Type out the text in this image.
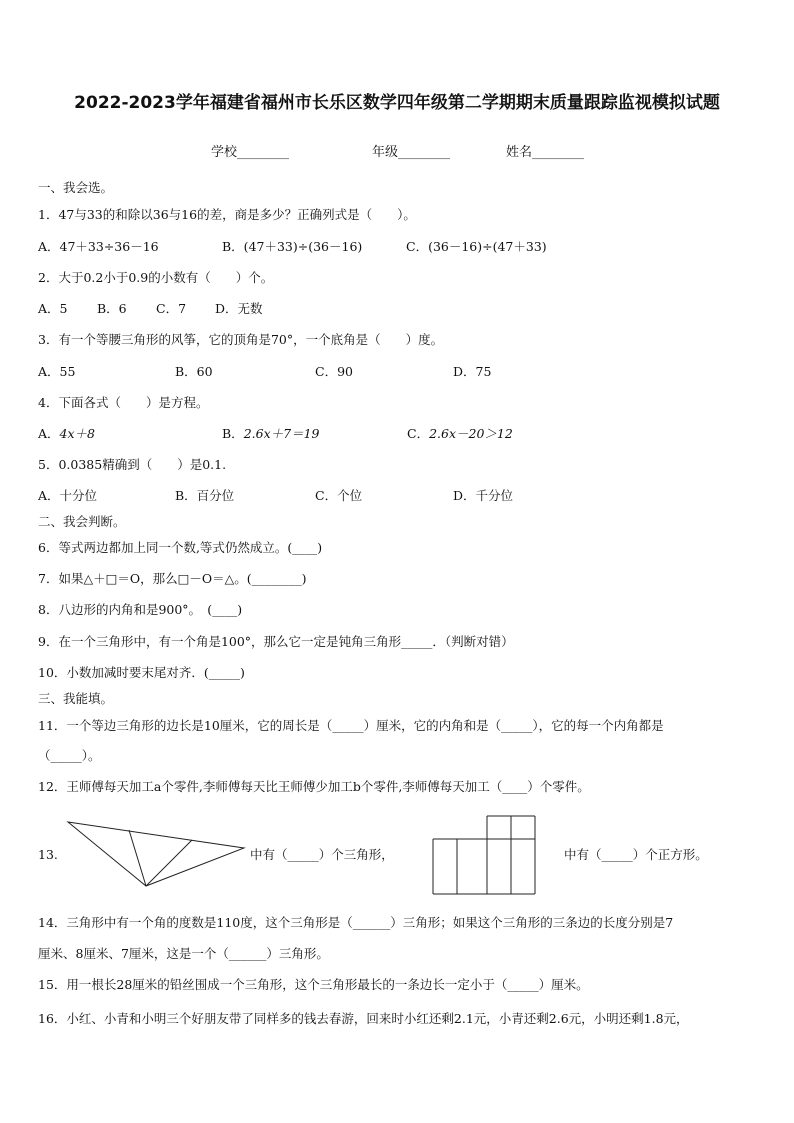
2022-2023学年福建省福州市长乐区数学四年级第二学期期末质量跟踪监视模拟试题
学校________	年级________	姓名________
一、我会选。
1．47与33的和除以36与16的差，商是多少？正确列式是（　　）。
A．47＋33÷36－16	B．(47＋33)÷(36－16)	C．(36－16)÷(47＋33)
2．大于0.2小于0.9的小数有（　　）个。
A．5 B．6 C．7 D．无数
3．有一个等腰三角形的风筝，它的顶角是70°，一个底角是（　　）度。
A．55	B．60	C．90	D．75
4．下面各式（　　）是方程。
A．4x＋8	B．2.6x＋7＝19	C．2.6x－20＞12
5．0.0385精确到（　　）是0.1.
A．十分位	B．百分位	C．个位	D．千分位
二、我会判断。
6．等式两边都加上同一个数,等式仍然成立。(____)
7．如果△＋□＝O，那么□－O＝△。(________)
8．八边形的内角和是900°。　(____)
9．在一个三角形中，有一个角是100°，那么它一定是钝角三角形_____．（判断对错）
10．小数加减时要末尾对齐．(_____)
三、我能填。
11．一个等边三角形的边长是10厘米，它的周长是（_____）厘米，它的内角和是（_____），它的每一个内角都是
（_____）。
12．王师傅每天加工a个零件,李师傅每天比王师傅少加工b个零件,李师傅每天加工（____）个零件。
13.	中有（_____）个三角形，	中有（_____）个正方形。
14．三角形中有一个角的度数是110度，这个三角形是（______）三角形；如果这个三角形的三条边的长度分别是7
厘米、8厘米、7厘米，这是一个（______）三角形。
15．用一根长28厘米的铅丝围成一个三角形，这个三角形最长的一条边长一定小于（_____）厘米。
16．小红、小青和小明三个好朋友带了同样多的钱去春游，回来时小红还剩2.1元，小青还剩2.6元，小明还剩1.8元，
